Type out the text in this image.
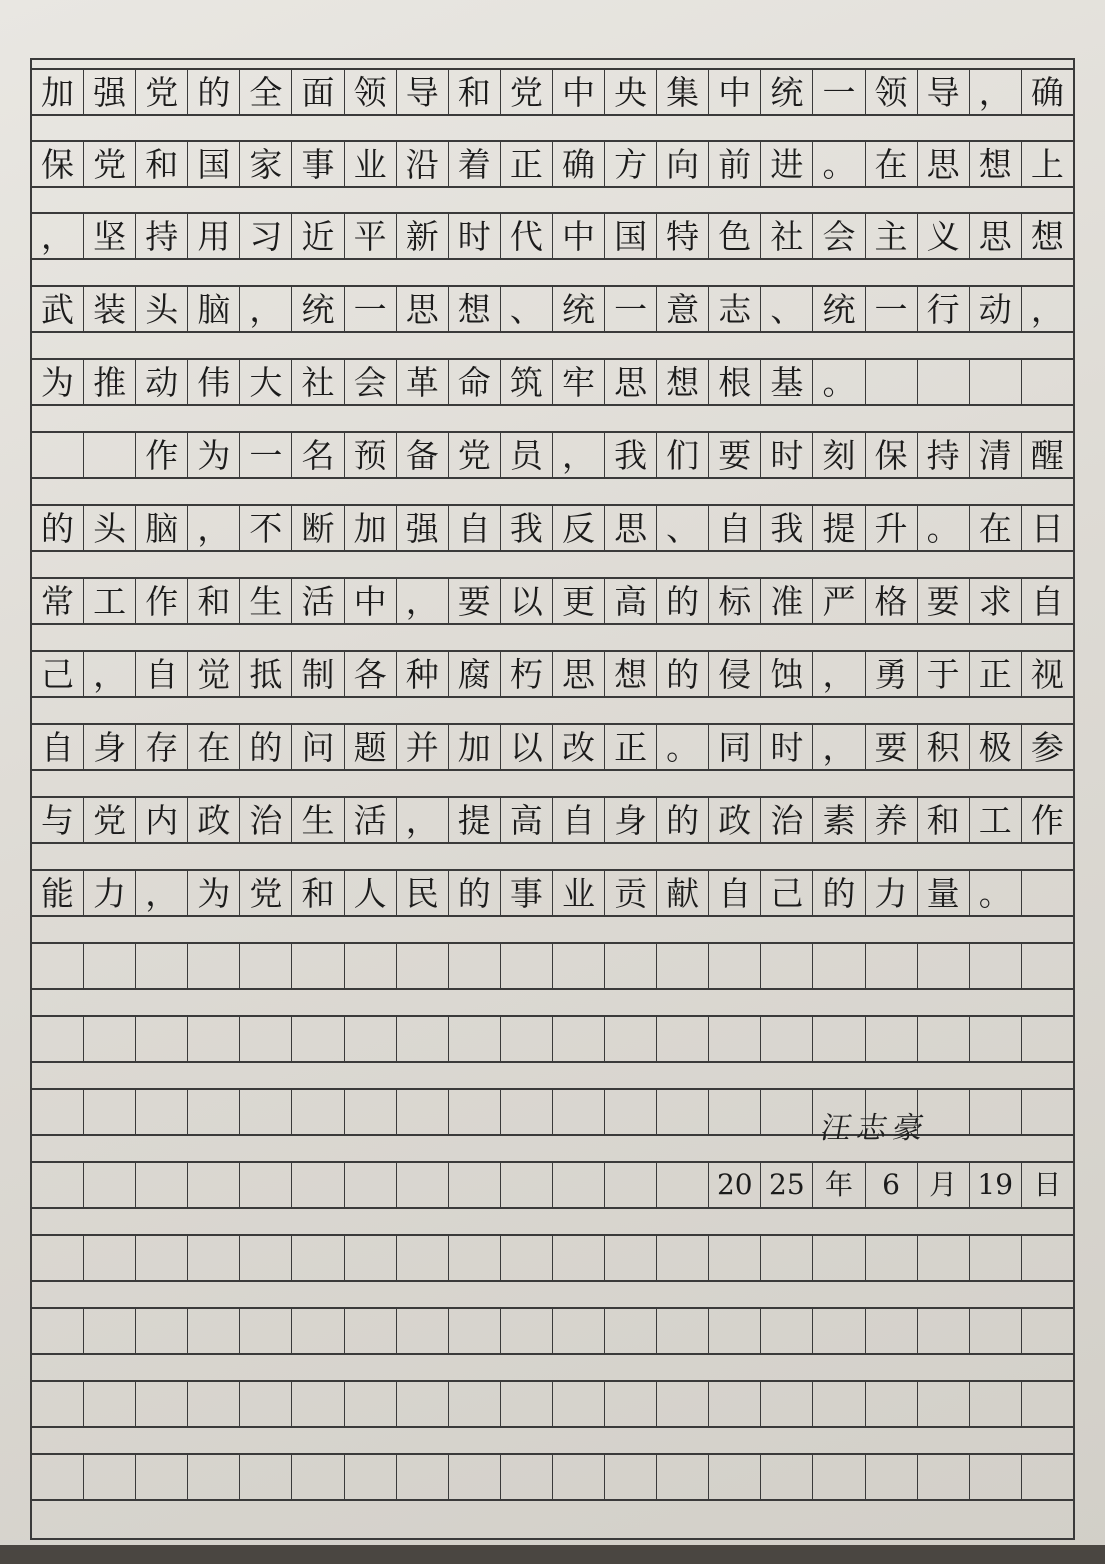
加 强 党 的 全 面 领 导 和 党 中 央 集 中 统 一 领 导 ， 确
保 党 和 国 家 事 业 沿 着 正 确 方 向 前 进 。 在 思 想 上
， 坚 持 用 习 近 平 新 时 代 中 国 特 色 社 会 主 义 思 想
武 装 头 脑 ， 统 一 思 想 、 统 一 意 志 、 统 一 行 动 ，
为 推 动 伟 大 社 会 革 命 筑 牢 思 想 根 基 。
作 为 一 名 预 备 党 员 ， 我 们 要 时 刻 保 持 清 醒
的 头 脑 ， 不 断 加 强 自 我 反 思 、 自 我 提 升 。 在 日
常 工 作 和 生 活 中 ， 要 以 更 高 的 标 准 严 格 要 求 自
己 ， 自 觉 抵 制 各 种 腐 朽 思 想 的 侵 蚀 ， 勇 于 正 视
自 身 存 在 的 问 题 并 加 以 改 正 。 同 时 ， 要 积 极 参
与 党 内 政 治 生 活 ， 提 高 自 身 的 政 治 素 养 和 工 作
能 力 ， 为 党 和 人 民 的 事 业 贡 献 自 己 的 力 量 。
20 25 年 6 月 19 日
汪志豪
